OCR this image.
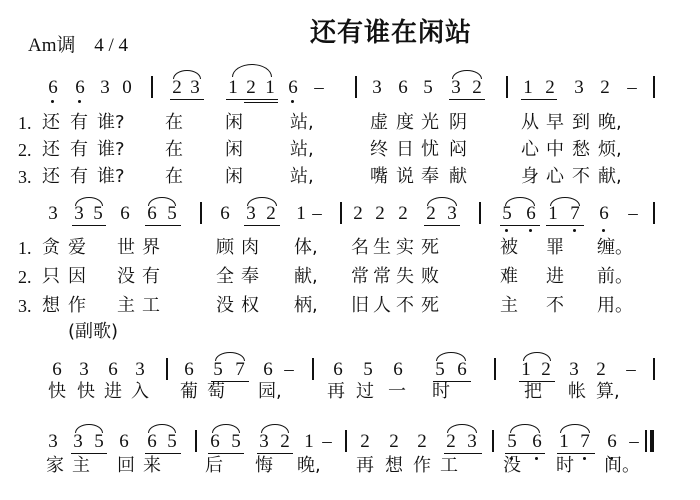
Am调 4 / 4	还有谁在闲站
6 6 3 0 2 3 1 2 1 6 –	3 6 5 3 2 1 2 3 2 –
1.
2.
3.
还 有 谁? 在 闲	站,	虚 度 光 阴	从 早 到 晚,
还 有 谁? 在 闲	站,	终 日 忧 闷	心 中 愁 烦,
还 有 谁? 在 闲	站,	嘴 说 奉 献	身 心 不 献,
3 3 5 6 6 5 6 3 2 1 – 2 2 2 2 3 5 6 1 7 6 –
1.
2.
3.
贪 爱 世 界	顾 肉 体, 名 生 实 死	被 罪 缠。
只 因 没 有	全 奉 献, 常 常 失 败	难 进 前。
想 作 主 工	没 权 柄, 旧 人 不 死	主 不 用。
(副歌)
6 3 6 3 6 5 7 6 – 6 5 6 5 6	1 2 3 2 –
快 快 进 入 葡 萄 园,	再 过 一 时	把 帐 算,
3 3 5 6 6 5 6 5 3 2 1 – 2 2 2 2 3 5 6 1 7 6 –
家 主 回 来 后 悔 晚, 再 想 作 工	没 时 间。
